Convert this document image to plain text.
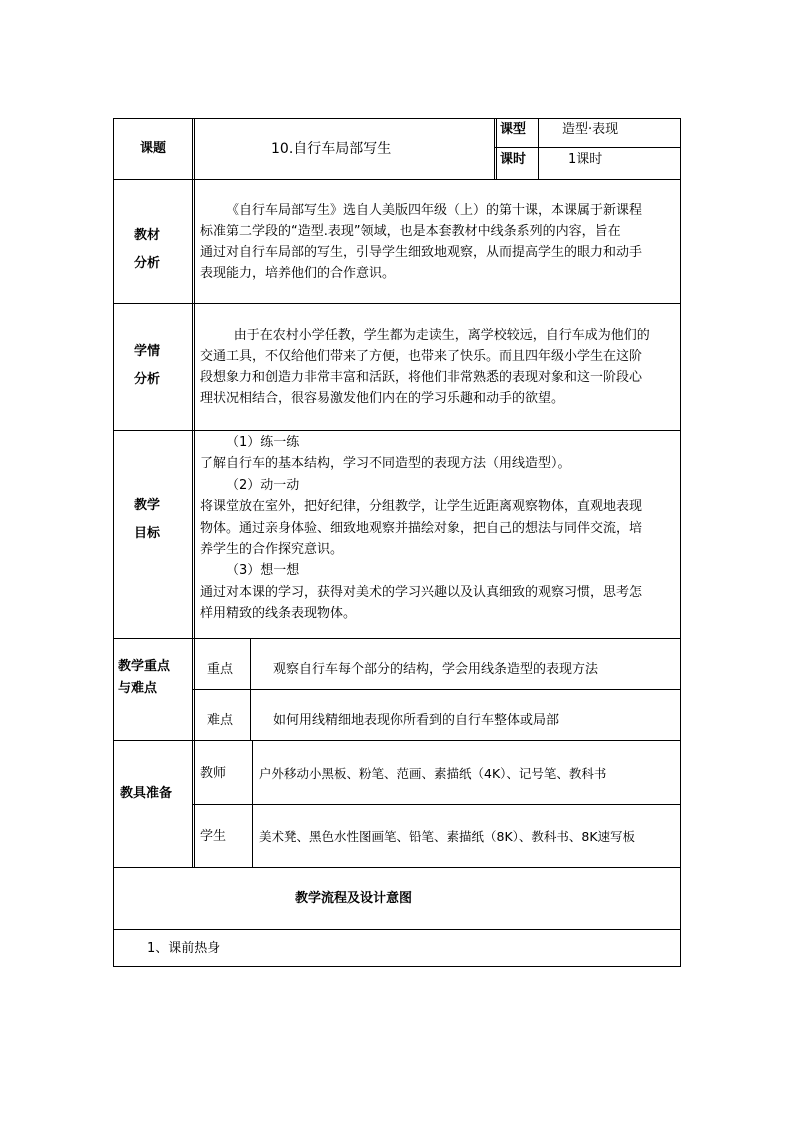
课题	10.自行车局部写生
课型	造型·表现
课时	1课时
教材
分析

《自行车局部写生》选自人美版四年级（上）的第十课，本课属于新课程

标准第二学段的“造型.表现”领域，也是本套教材中线条系列的内容，旨在

通过对自行车局部的写生，引导学生细致地观察，从而提高学生的眼力和动手

表现能力，培养他们的合作意识。

学情
分析

由于在农村小学任教，学生都为走读生，离学校较远，自行车成为他们的

交通工具，不仅给他们带来了方便，也带来了快乐。而且四年级小学生在这阶

段想象力和创造力非常丰富和活跃，将他们非常熟悉的表现对象和这一阶段心

理状况相结合，很容易激发他们内在的学习乐趣和动手的欲望。

教学
目标

（1）练一练

了解自行车的基本结构，学习不同造型的表现方法（用线造型）。

（2）动一动

将课堂放在室外，把好纪律，分组教学，让学生近距离观察物体，直观地表现

物体。通过亲身体验、细致地观察并描绘对象，把自己的想法与同伴交流，培

养学生的合作探究意识。

（3）想一想

通过对本课的学习，获得对美术的学习兴趣以及认真细致的观察习惯，思考怎

样用精致的线条表现物体。

教学重点
与难点
重点	观察自行车每个部分的结构，学会用线条造型的表现方法
难点	如何用线精细地表现你所看到的自行车整体或局部
教具准备
教师	户外移动小黑板、粉笔、范画、素描纸（4K）、记号笔、教科书
学生	美术凳、黑色水性图画笔、铅笔、素描纸（8K）、教科书、8K速写板
教学流程及设计意图
1、课前热身
